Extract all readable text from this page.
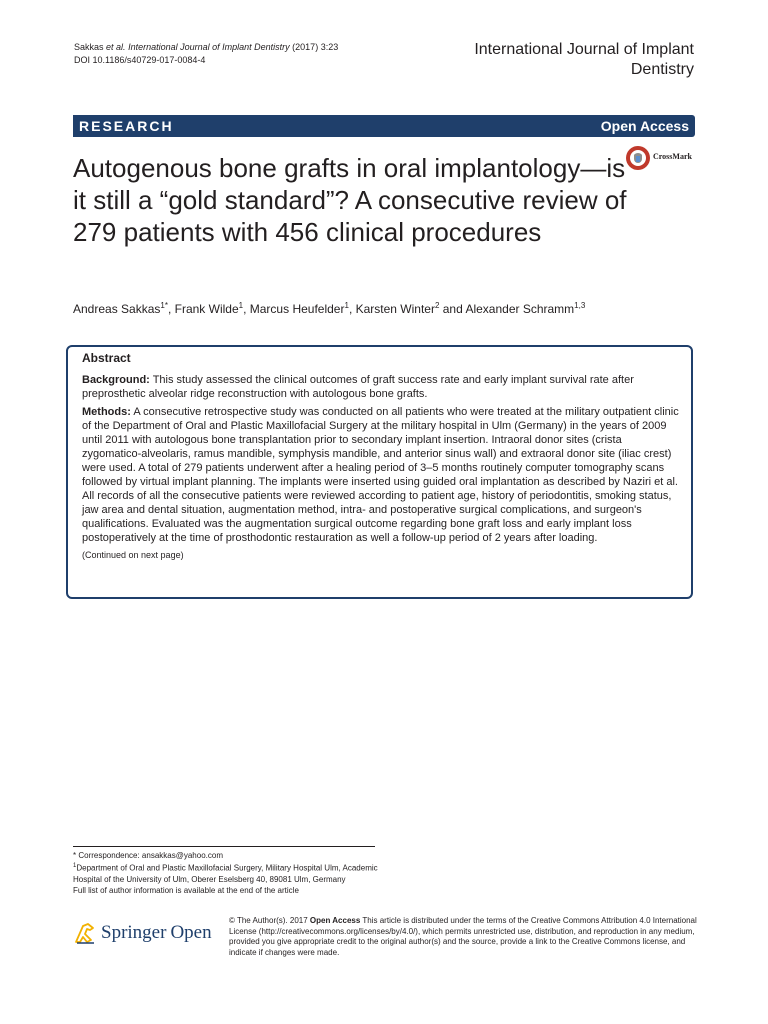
Sakkas et al. International Journal of Implant Dentistry (2017) 3:23
DOI 10.1186/s40729-017-0084-4
International Journal of Implant Dentistry
RESEARCH	Open Access
CrossMark
Autogenous bone grafts in oral implantology—is it still a “gold standard”? A consecutive review of 279 patients with 456 clinical procedures
Andreas Sakkas$^{1*}$, Frank Wilde$^1$, Marcus Heufelder$^1$, Karsten Winter$^2$ and Alexander Schramm$^{1,3}$
Abstract

Background: This study assessed the clinical outcomes of graft success rate and early implant survival rate after preprosthetic alveolar ridge reconstruction with autologous bone grafts.

Methods: A consecutive retrospective study was conducted on all patients who were treated at the military outpatient clinic of the Department of Oral and Plastic Maxillofacial Surgery at the military hospital in Ulm (Germany) in the years of 2009 until 2011 with autologous bone transplantation prior to secondary implant insertion. Intraoral donor sites (crista zygomatico-alveolaris, ramus mandible, symphysis mandible, and anterior sinus wall) and extraoral donor site (iliac crest) were used. A total of 279 patients underwent after a healing period of 3–5 months routinely computer tomography scans followed by virtual implant planning. The implants were inserted using guided oral implantation as described by Naziri et al. All records of all the consecutive patients were reviewed according to patient age, history of periodontitis, smoking status, jaw area and dental situation, augmentation method, intra- and postoperative surgical complications, and surgeon's qualifications. Evaluated was the augmentation surgical outcome regarding bone graft loss and early implant loss postoperatively at the time of prosthodontic restauration as well a follow-up period of 2 years after loading.

(Continued on next page)
* Correspondence: ansakkas@yahoo.com
$^1$Department of Oral and Plastic Maxillofacial Surgery, Military Hospital Ulm, Academic Hospital of the University of Ulm, Oberer Eselsberg 40, 89081 Ulm, Germany
Full list of author information is available at the end of the article
Springer Open
© The Author(s). 2017 Open Access This article is distributed under the terms of the Creative Commons Attribution 4.0 International License (http://creativecommons.org/licenses/by/4.0/), which permits unrestricted use, distribution, and reproduction in any medium, provided you give appropriate credit to the original author(s) and the source, provide a link to the Creative Commons license, and indicate if changes were made.
